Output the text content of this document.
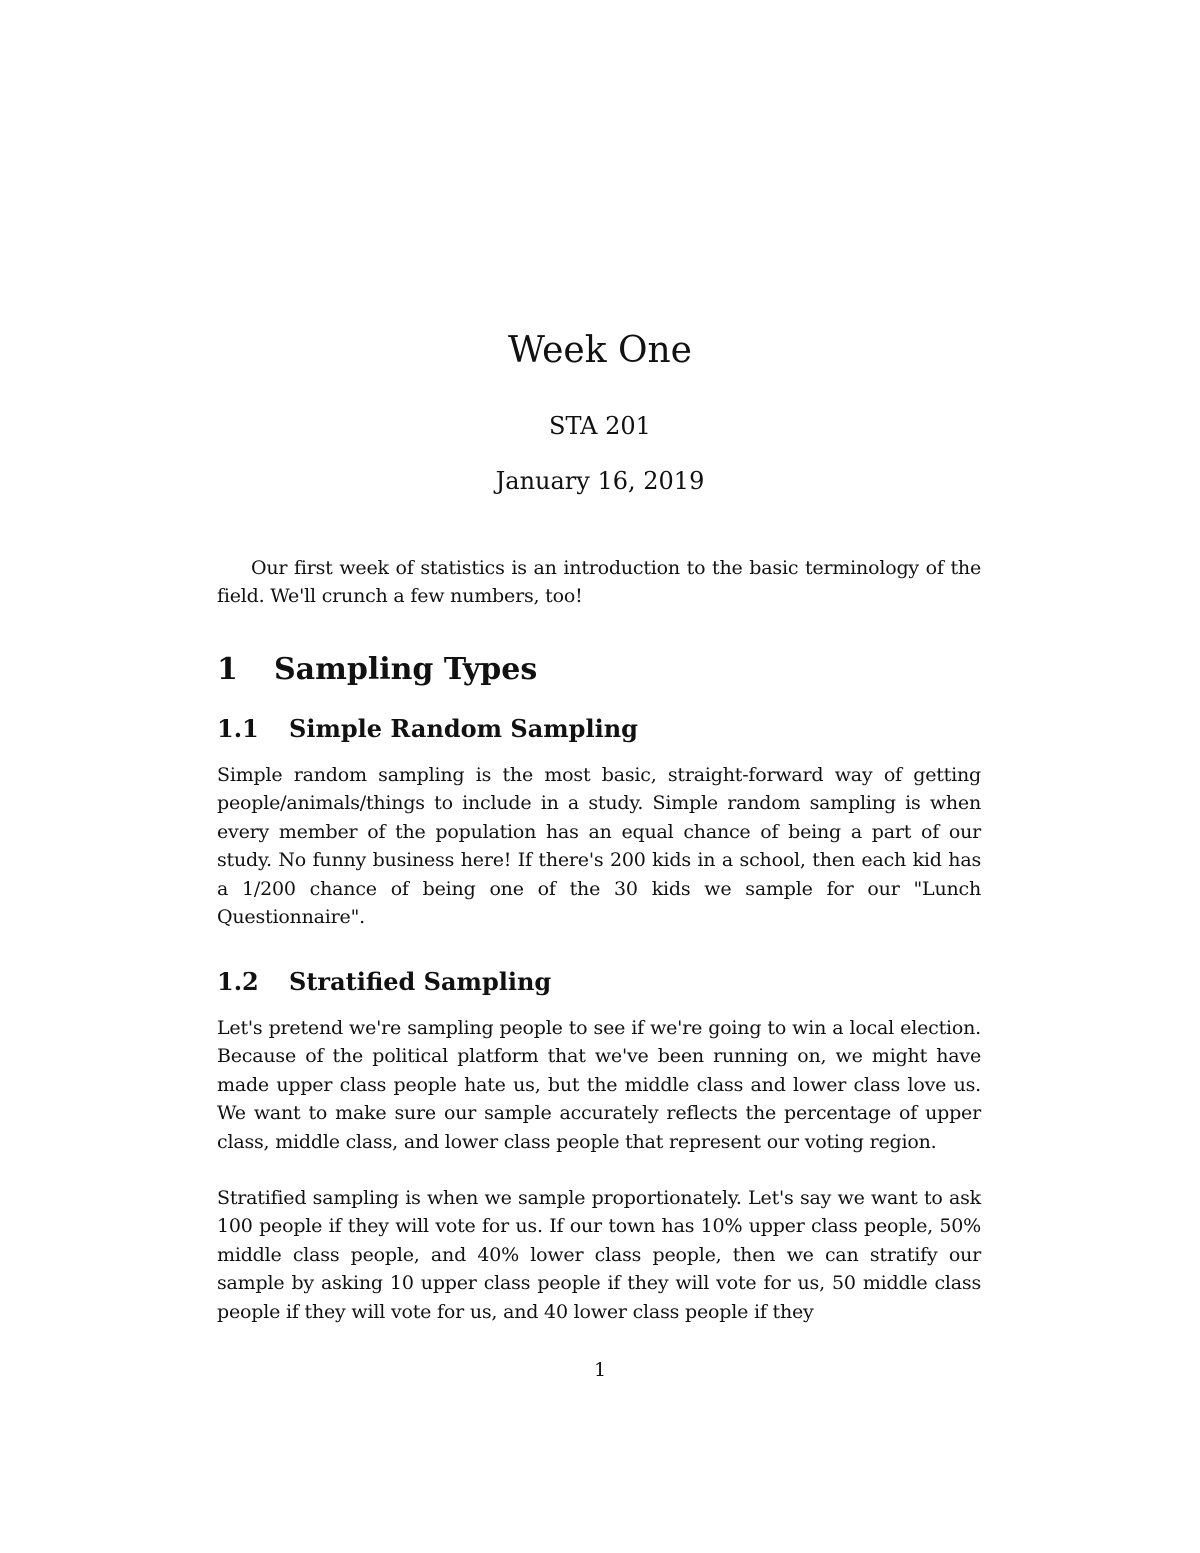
Week One

STA 201

January 16, 2019

Our first week of statistics is an introduction to the basic terminology of the field. We'll crunch a few numbers, too!

1 Sampling Types
1.1 Simple Random Sampling

Simple random sampling is the most basic, straight-forward way of getting people/animals/things to include in a study. Simple random sampling is when every member of the population has an equal chance of being a part of our study. No funny business here! If there's 200 kids in a school, then each kid has a 1/200 chance of being one of the 30 kids we sample for our "Lunch Questionnaire".

1.2 Stratified Sampling

Let's pretend we're sampling people to see if we're going to win a local election. Because of the political platform that we've been running on, we might have made upper class people hate us, but the middle class and lower class love us. We want to make sure our sample accurately reflects the percentage of upper class, middle class, and lower class people that represent our voting region.

Stratified sampling is when we sample proportionately. Let's say we want to ask 100 people if they will vote for us. If our town has 10% upper class people, 50% middle class people, and 40% lower class people, then we can stratify our sample by asking 10 upper class people if they will vote for us, 50 middle class people if they will vote for us, and 40 lower class people if they

1
